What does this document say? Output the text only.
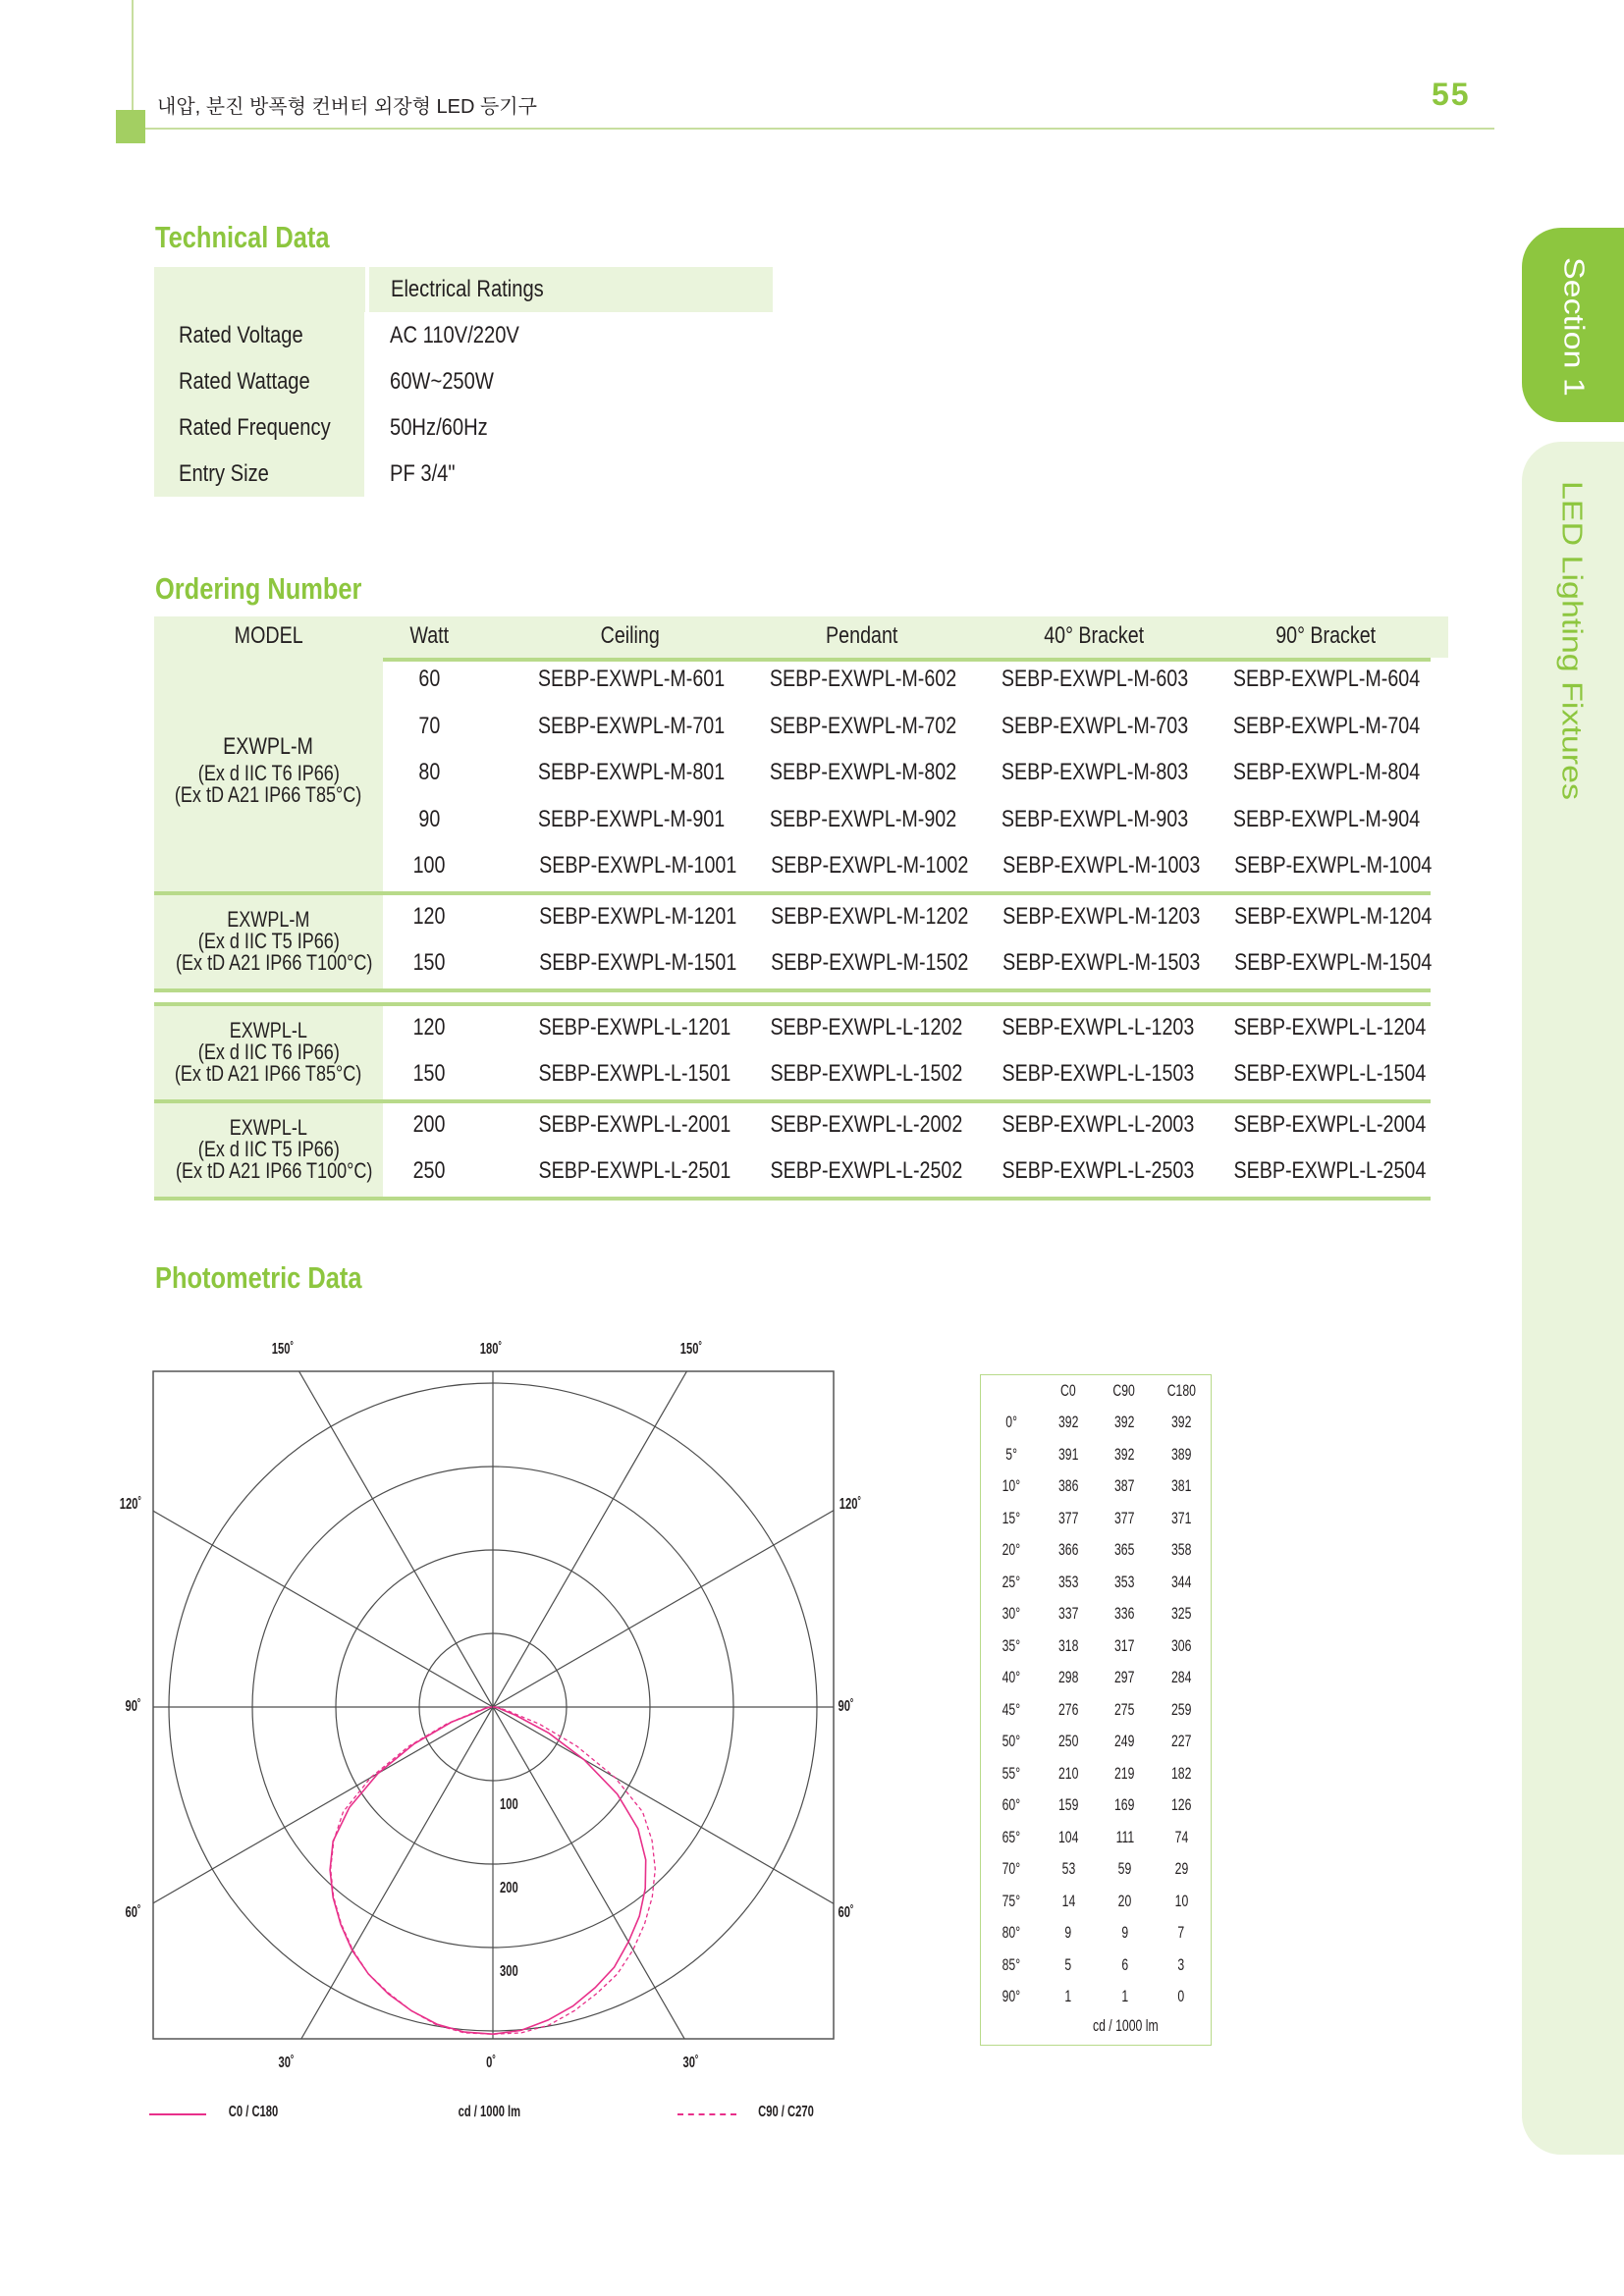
내압, 분진 방폭형 컨버터 외장형 LED 등기구	55
Section 1
LED Lighting Fixtures
Technical Data
Electrical Ratings
Rated Voltage	AC 110V/220V
Rated Wattage	60W~250W
Rated Frequency	50Hz/60Hz
Entry Size	PF 3/4"
Ordering Number
MODEL	Watt	Ceiling	Pendant	40° Bracket	90° Bracket
EXWPL-M
(Ex d IIC T6 IP66)
(Ex tD A21 IP66 T85°C)
60	SEBP-EXWPL-M-601	SEBP-EXWPL-M-602	SEBP-EXWPL-M-603	SEBP-EXWPL-M-604
70	SEBP-EXWPL-M-701	SEBP-EXWPL-M-702	SEBP-EXWPL-M-703	SEBP-EXWPL-M-704
80	SEBP-EXWPL-M-801	SEBP-EXWPL-M-802	SEBP-EXWPL-M-803	SEBP-EXWPL-M-804
90	SEBP-EXWPL-M-901	SEBP-EXWPL-M-902	SEBP-EXWPL-M-903	SEBP-EXWPL-M-904
100	SEBP-EXWPL-M-1001	SEBP-EXWPL-M-1002	SEBP-EXWPL-M-1003	SEBP-EXWPL-M-1004
EXWPL-M
(Ex d IIC T5 IP66)
(Ex tD A21 IP66 T100°C)
120	SEBP-EXWPL-M-1201	SEBP-EXWPL-M-1202	SEBP-EXWPL-M-1203	SEBP-EXWPL-M-1204
150	SEBP-EXWPL-M-1501	SEBP-EXWPL-M-1502	SEBP-EXWPL-M-1503	SEBP-EXWPL-M-1504
EXWPL-L
(Ex d IIC T6 IP66)
(Ex tD A21 IP66 T85°C)
120	SEBP-EXWPL-L-1201	SEBP-EXWPL-L-1202	SEBP-EXWPL-L-1203	SEBP-EXWPL-L-1204
150	SEBP-EXWPL-L-1501	SEBP-EXWPL-L-1502	SEBP-EXWPL-L-1503	SEBP-EXWPL-L-1504
EXWPL-L
(Ex d IIC T5 IP66)
(Ex tD A21 IP66 T100°C)
200	SEBP-EXWPL-L-2001	SEBP-EXWPL-L-2002	SEBP-EXWPL-L-2003	SEBP-EXWPL-L-2004
250	SEBP-EXWPL-L-2501	SEBP-EXWPL-L-2502	SEBP-EXWPL-L-2503	SEBP-EXWPL-L-2504
Photometric Data
150˚	180˚	150˚
120˚	120˚
90˚	90˚
60˚	60˚
30˚	0˚	30˚
100
200
300
C0 / C180	cd / 1000 lm	C90 / C270
C0	C90	C180
0°	392	392	392
5°	391	392	389
10°	386	387	381
15°	377	377	371
20°	366	365	358
25°	353	353	344
30°	337	336	325
35°	318	317	306
40°	298	297	284
45°	276	275	259
50°	250	249	227
55°	210	219	182
60°	159	169	126
65°	104	111	74
70°	53	59	29
75°	14	20	10
80°	9	9	7
85°	5	6	3
90°	1	1	0
cd / 1000 lm
